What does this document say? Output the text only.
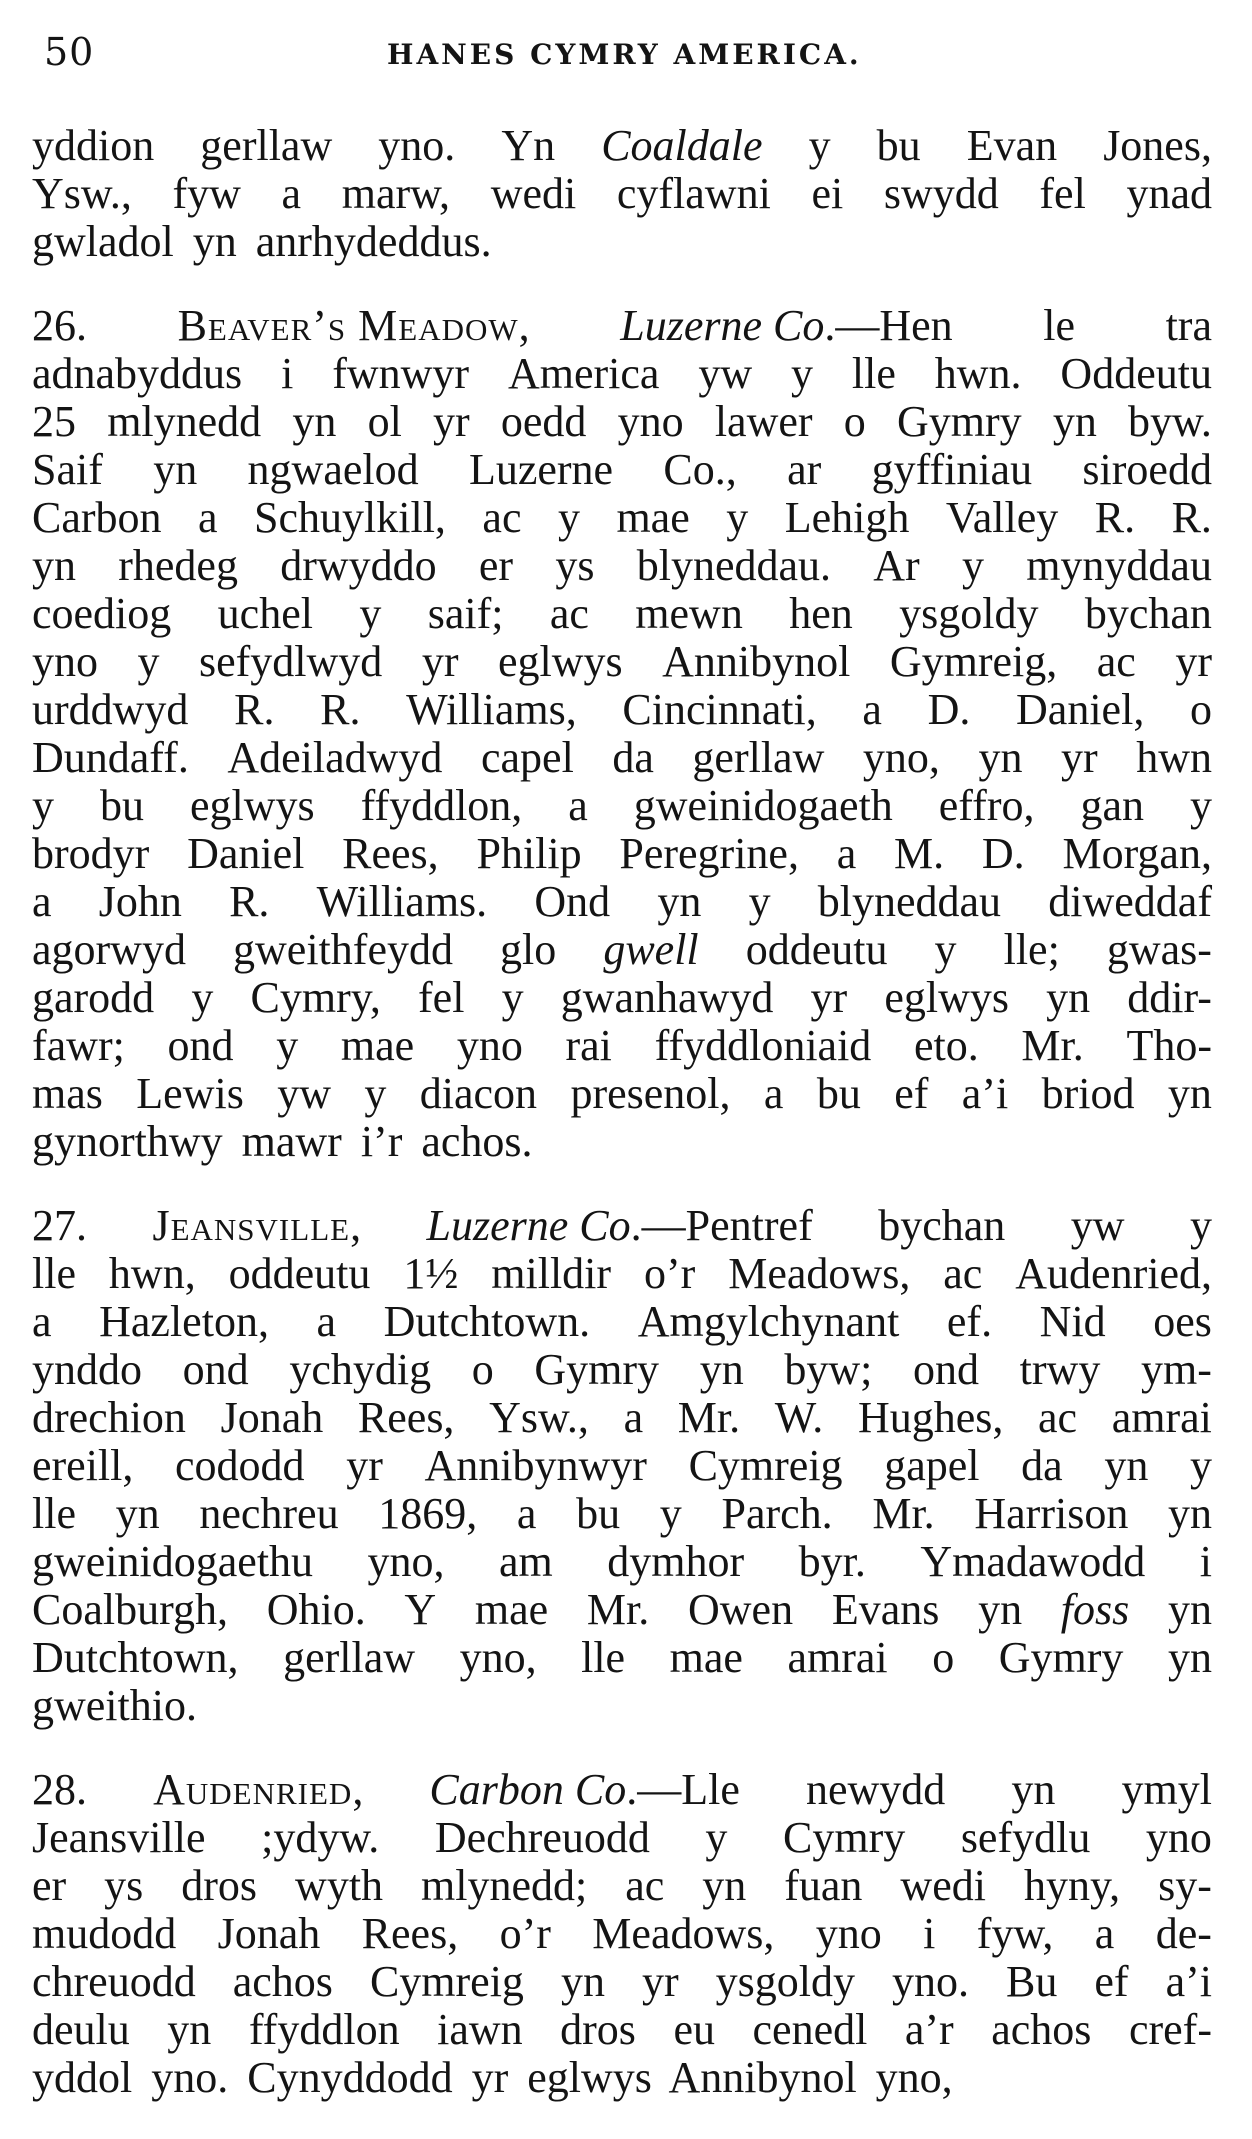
50	HANES CYMRY AMERICA.
yddion gerllaw yno. Yn Coaldale y bu Evan Jones,
Ysw., fyw a marw, wedi cyflawni ei swydd fel ynad
gwladol yn anrhydeddus.
26. Beaver’s Meadow, Luzerne Co.—Hen le tra
adnabyddus i fwnwyr America yw y lle hwn. Oddeutu
25 mlynedd yn ol yr oedd yno lawer o Gymry yn byw.
Saif yn ngwaelod Luzerne Co., ar gyffiniau siroedd
Carbon a Schuylkill, ac y mae y Lehigh Valley R. R.
yn rhedeg drwyddo er ys blyneddau. Ar y mynyddau
coediog uchel y saif; ac mewn hen ysgoldy bychan
yno y sefydlwyd yr eglwys Annibynol Gymreig, ac yr
urddwyd R. R. Williams, Cincinnati, a D. Daniel, o
Dundaff. Adeiladwyd capel da gerllaw yno, yn yr hwn
y bu eglwys ffyddlon, a gweinidogaeth effro, gan y
brodyr Daniel Rees, Philip Peregrine, a M. D. Morgan,
a John R. Williams. Ond yn y blyneddau diweddaf
agorwyd gweithfeydd glo gwell oddeutu y lle; gwas-
garodd y Cymry, fel y gwanhawyd yr eglwys yn ddir-
fawr; ond y mae yno rai ffyddloniaid eto. Mr. Tho-
mas Lewis yw y diacon presenol, a bu ef a’i briod yn
gynorthwy mawr i’r achos.
27. Jeansville, Luzerne Co.—Pentref bychan yw y
lle hwn, oddeutu 1½ milldir o’r Meadows, ac Audenried,
a Hazleton, a Dutchtown. Amgylchynant ef. Nid oes
ynddo ond ychydig o Gymry yn byw; ond trwy ym-
drechion Jonah Rees, Ysw., a Mr. W. Hughes, ac amrai
ereill, cododd yr Annibynwyr Cymreig gapel da yn y
lle yn nechreu 1869, a bu y Parch. Mr. Harrison yn
gweinidogaethu yno, am dymhor byr. Ymadawodd i
Coalburgh, Ohio. Y mae Mr. Owen Evans yn foss yn
Dutchtown, gerllaw yno, lle mae amrai o Gymry yn
gweithio.
28. Audenried, Carbon Co.—Lle newydd yn ymyl
Jeansville ;ydyw. Dechreuodd y Cymry sefydlu yno
er ys dros wyth mlynedd; ac yn fuan wedi hyny, sy-
mudodd Jonah Rees, o’r Meadows, yno i fyw, a de-
chreuodd achos Cymreig yn yr ysgoldy yno. Bu ef a’i
deulu yn ffyddlon iawn dros eu cenedl a’r achos cref-
yddol yno. Cynyddodd yr eglwys Annibynol yno,
